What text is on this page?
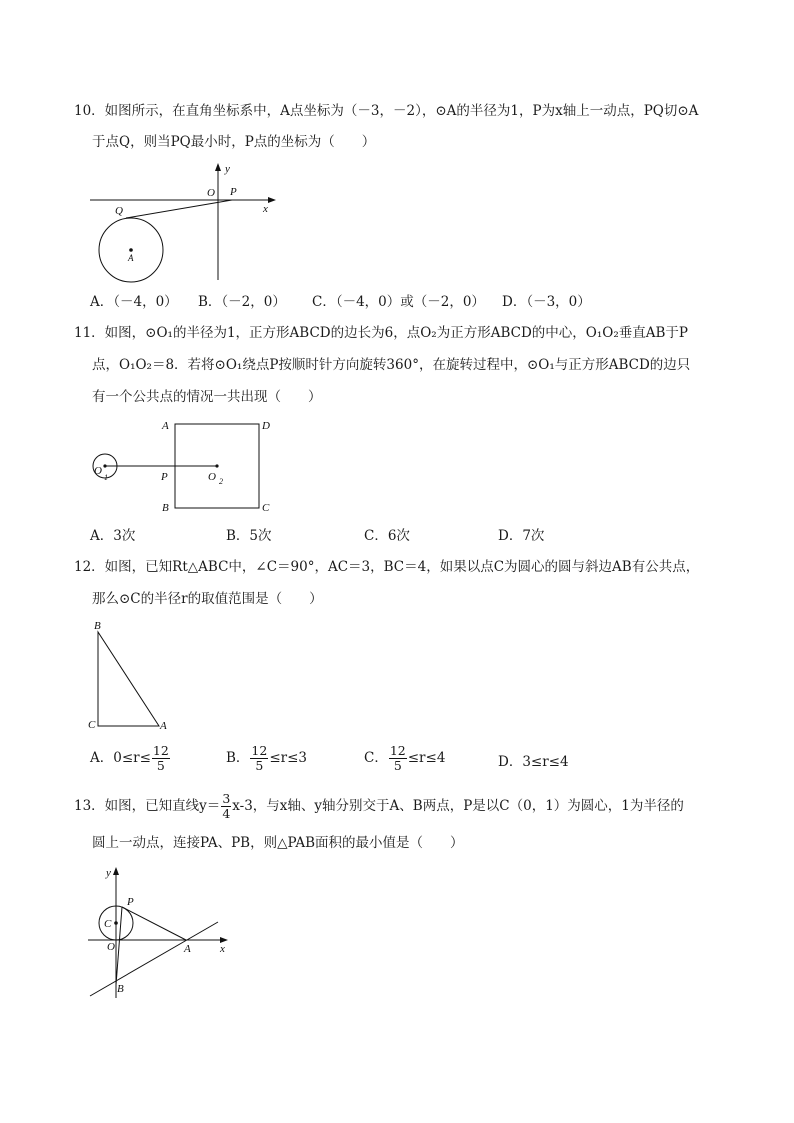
10．如图所示，在直角坐标系中，A点坐标为（－3，－2），⊙A的半径为1，P为x轴上一动点，PQ切⊙A
于点Q，则当PQ最小时，P点的坐标为（　　）
y
x
O P
Q
A
A．（－4，0） B．（－2，0） C．（－4，0）或（－2，0） D．（－3，0）
11．如图，⊙O₁的半径为1，正方形ABCD的边长为6，点O₂为正方形ABCD的中心，O₁O₂垂直AB于P
点，O₁O₂＝8．若将⊙O₁绕点P按顺时针方向旋转360°，在旋转过程中，⊙O₁与正方形ABCD的边只
有一个公共点的情况一共出现（　　）
A	D
B	C
P
O
1	O 2
A．3次	B．5次	C．6次	D．7次
12．如图，已知Rt△ABC中，∠C＝90°，AC＝3，BC＝4，如果以点C为圆心的圆与斜边AB有公共点，
那么⊙C的半径r的取值范围是（　　）
B
C	A
A．$0\le r\le \frac{12}{5}$	B． $\frac{12}{5} \le r\le 3$	C． $\frac{12}{5} \le r\le 4$	D．3≤r≤4
13．如图，已知直线$y= \frac{3}{4} x-3$，与x轴、y轴分别交于A、B两点，P是以C（0，1）为圆心，1为半径的
圆上一动点，连接PA、PB，则△PAB面积的最小值是（　　）
y
x
P
C
O	A
B
